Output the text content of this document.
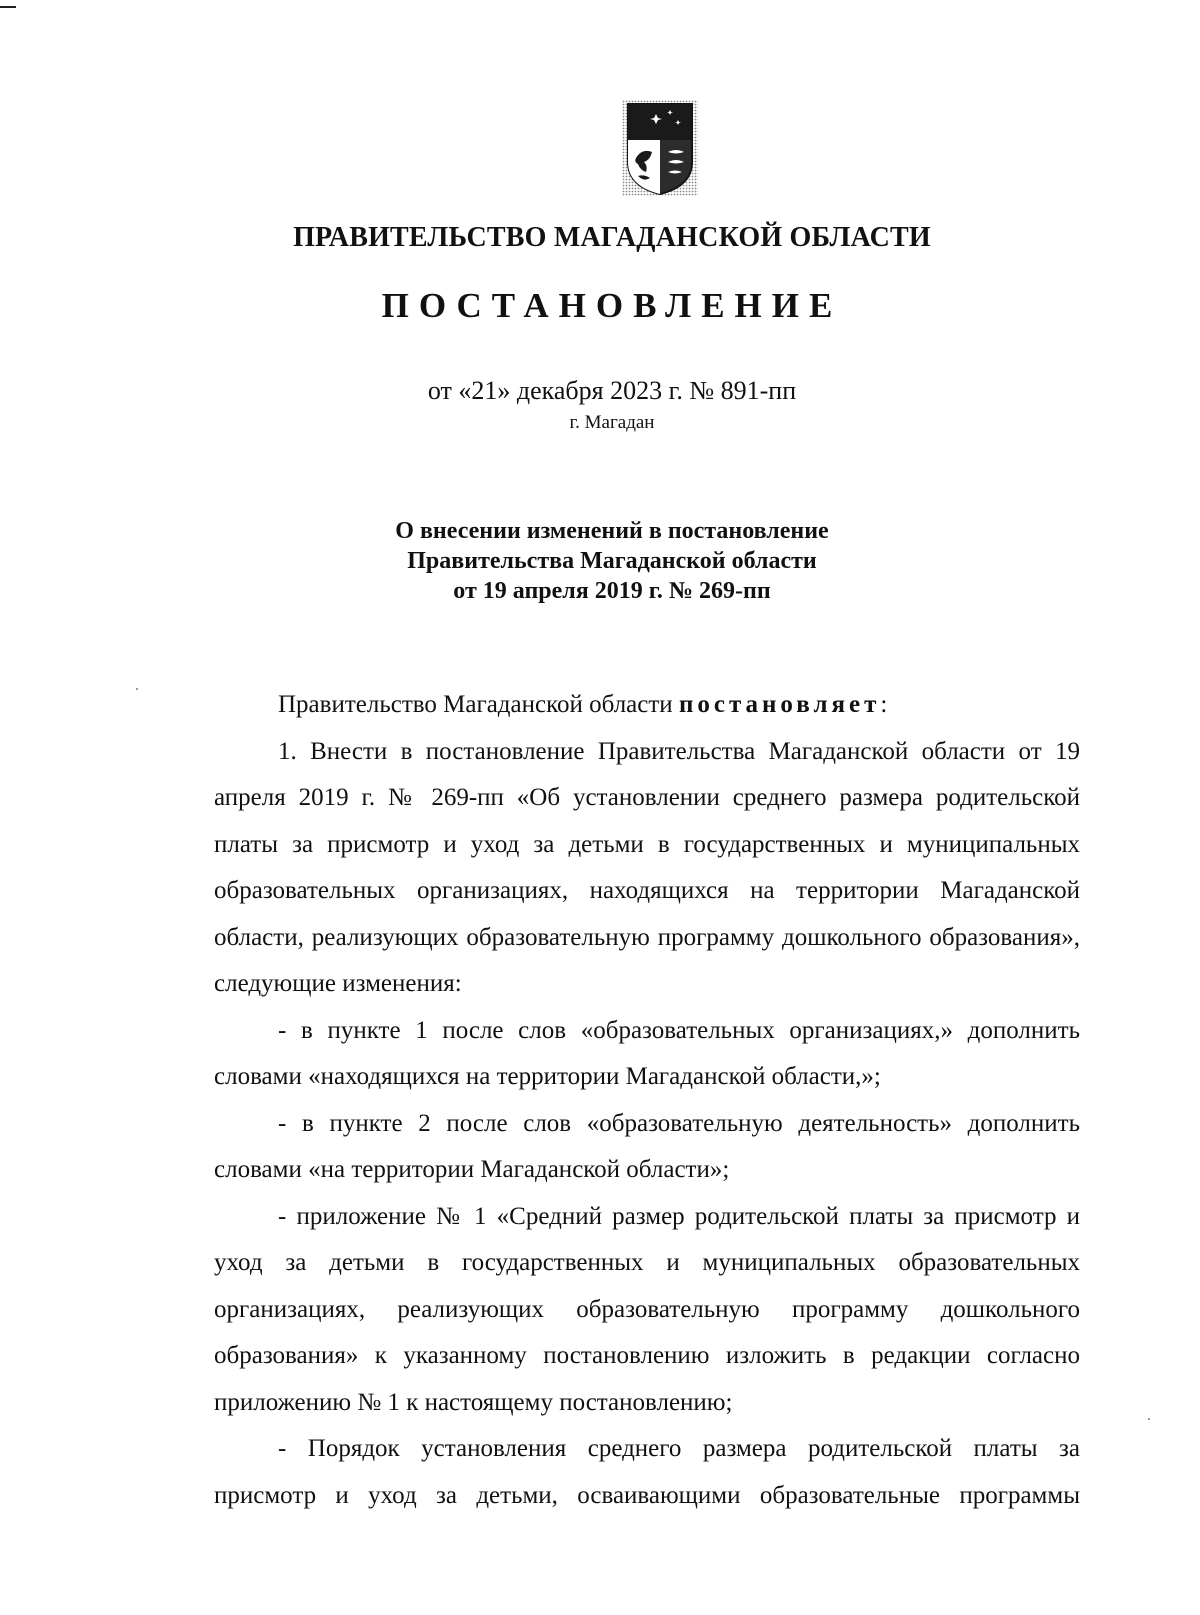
ПРАВИТЕЛЬСТВО МАГАДАНСКОЙ ОБЛАСТИ
ПОСТАНОВЛЕНИЕ
от «21» декабря 2023 г. № 891-пп
г. Магадан
О внесении изменений в постановление
Правительства Магаданской области
от 19 апреля 2019 г. № 269-пп

Правительство Магаданской области постановляет:

1. Внести в постановление Правительства Магаданской области от 19 апреля 2019 г. № 269-пп «Об установлении среднего размера родительской платы за присмотр и уход за детьми в государственных и муниципальных образовательных организациях, находящихся на территории Магаданской области, реализующих образовательную программу дошкольного образования», следующие изменения:

- в пункте 1 после слов «образовательных организациях,» дополнить словами «находящихся на территории Магаданской области,»;

- в пункте 2 после слов «образовательную деятельность» дополнить словами «на территории Магаданской области»;

- приложение № 1 «Средний размер родительской платы за присмотр и уход за детьми в государственных и муниципальных образовательных организациях, реализующих образовательную программу дошкольного образования» к указанному постановлению изложить в редакции согласно приложению № 1 к настоящему постановлению;

- Порядок установления среднего размера родительской платы за присмотр и уход за детьми, осваивающими образовательные программы
